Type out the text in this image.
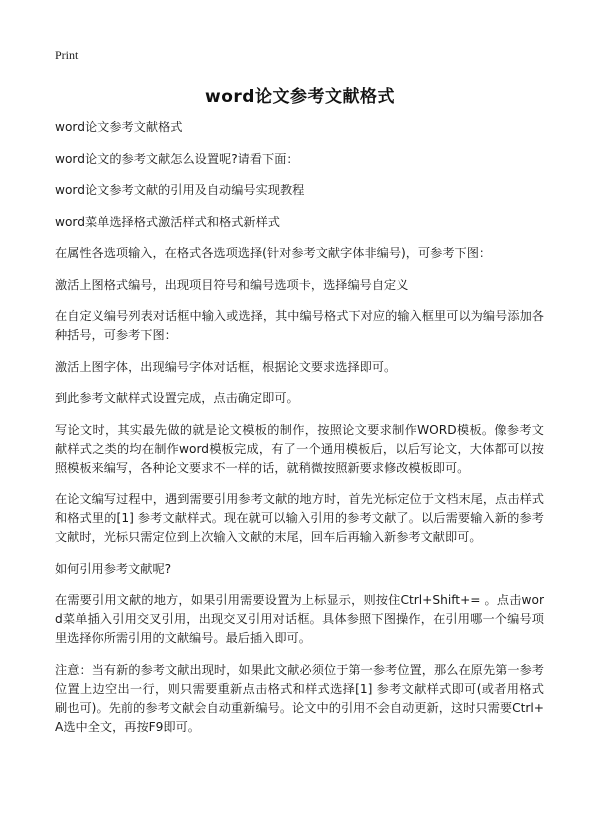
Print
word论文参考文献格式

word论文参考文献格式

word论文的参考文献怎么设置呢?请看下面：

word论文参考文献的引用及自动编号实现教程

word菜单选择格式激活样式和格式新样式

在属性各选项输入，在格式各选项选择(针对参考文献字体非编号)，可参考下图：

激活上图格式编号，出现项目符号和编号选项卡，选择编号自定义

在自定义编号列表对话框中输入或选择，其中编号格式下对应的输入框里可以为编号添加各种括号，可参考下图：

激活上图字体，出现编号字体对话框，根据论文要求选择即可。

到此参考文献样式设置完成，点击确定即可。

写论文时，其实最先做的就是论文模板的制作，按照论文要求制作WORD模板。像参考文献样式之类的均在制作word模板完成，有了一个通用模板后，以后写论文，大体都可以按照模板来编写，各种论文要求不一样的话，就稍微按照新要求修改模板即可。

在论文编写过程中，遇到需要引用参考文献的地方时，首先光标定位于文档末尾，点击样式和格式里的[1] 参考文献样式。现在就可以输入引用的参考文献了。以后需要输入新的参考文献时，光标只需定位到上次输入文献的末尾，回车后再输入新参考文献即可。

如何引用参考文献呢?

在需要引用文献的地方，如果引用需要设置为上标显示，则按住Ctrl+Shift+= 。点击word菜单插入引用交叉引用，出现交叉引用对话框。具体参照下图操作，在引用哪一个编号项里选择你所需引用的文献编号。最后插入即可。

注意：当有新的参考文献出现时，如果此文献必须位于第一参考位置，那么在原先第一参考位置上边空出一行，则只需要重新点击格式和样式选择[1] 参考文献样式即可(或者用格式刷也可)。先前的参考文献会自动重新编号。论文中的引用不会自动更新，这时只需要Ctrl+A选中全文，再按F9即可。
